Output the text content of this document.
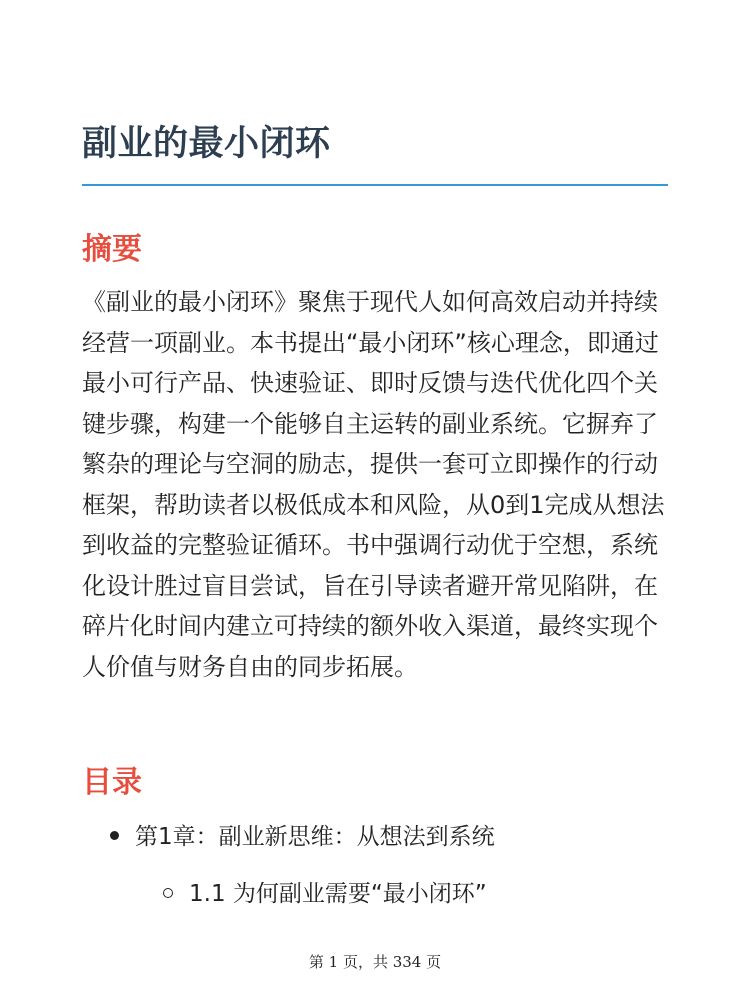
副业的最小闭环
摘要

《副业的最小闭环》聚焦于现代人如何高效启动并持续经营一项副业。本书提出“最小闭环”核心理念，即通过最小可行产品、快速验证、即时反馈与迭代优化四个关键步骤，构建一个能够自主运转的副业系统。它摒弃了繁杂的理论与空洞的励志，提供一套可立即操作的行动框架，帮助读者以极低成本和风险，从0到1完成从想法到收益的完整验证循环。书中强调行动优于空想，系统化设计胜过盲目尝试，旨在引导读者避开常见陷阱，在碎片化时间内建立可持续的额外收入渠道，最终实现个人价值与财务自由的同步拓展。

目录
第1章：副业新思维：从想法到系统
1.1 为何副业需要“最小闭环”
第 1 页，共 334 页
